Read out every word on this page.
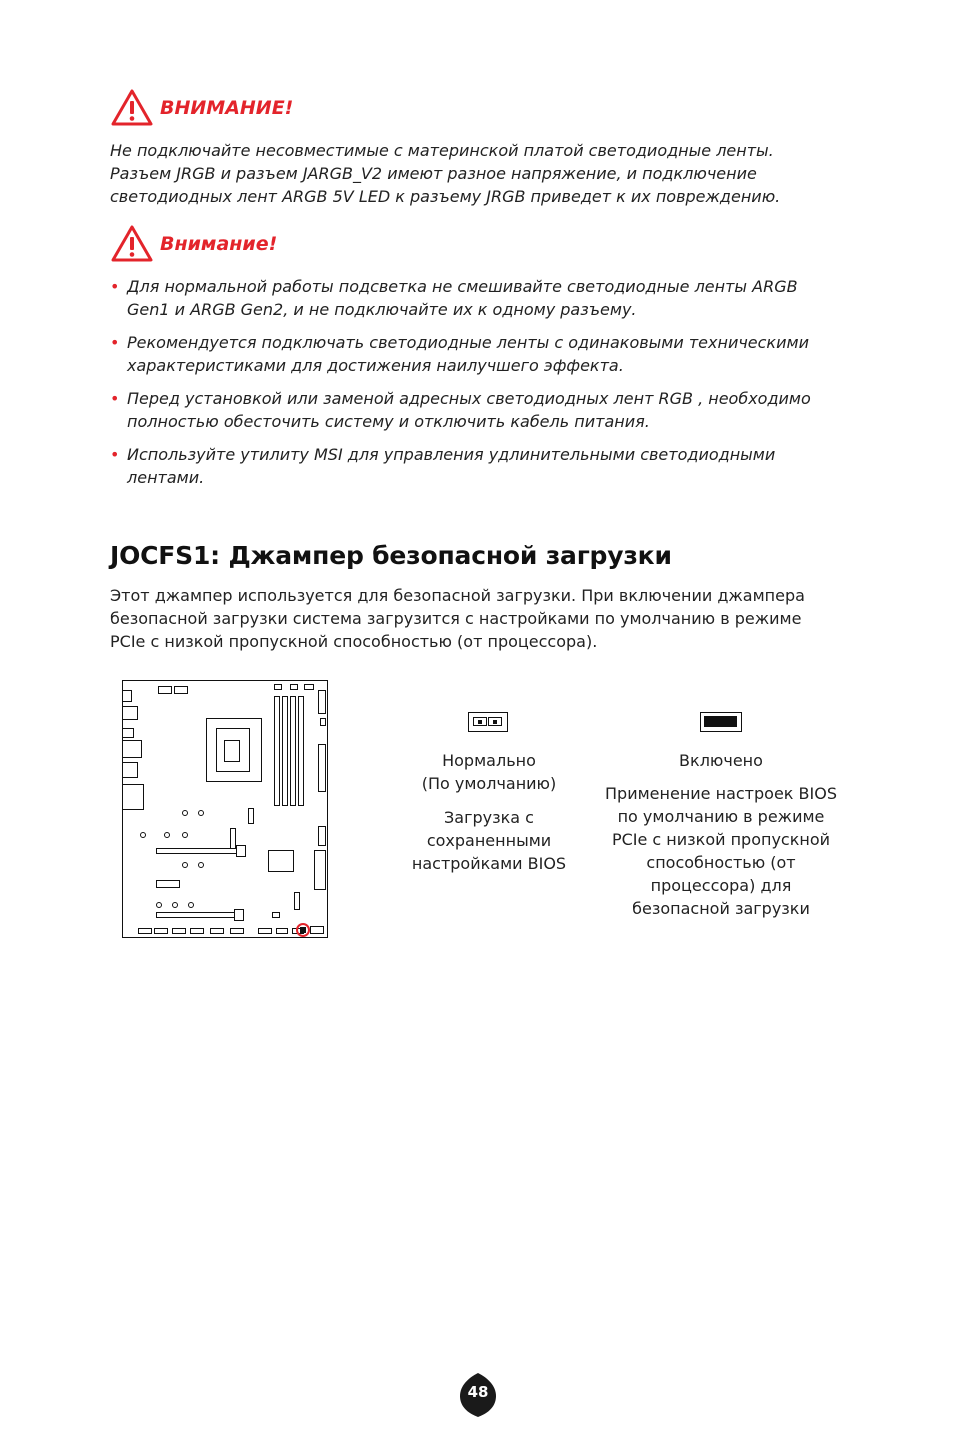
ВНИМАНИЕ!
Не подключайте несовместимые с материнской платой светодиодные ленты. Разъем JRGB и разъем JARGB_V2 имеют разное напряжение, и подключение светодиодных лент ARGB 5V LED к разъему JRGB приведет к их повреждению.
Внимание!
• Для нормальной работы подсветка не смешивайте светодиодные ленты ARGB Gen1 и ARGB Gen2, и не подключайте их к одному разъему.
• Рекомендуется подключать светодиодные ленты с одинаковыми техническими характеристиками для достижения наилучшего эффекта.
• Перед установкой или заменой адресных светодиодных лент RGB , необходимо полностью обесточить систему и отключить кабель питания.
• Используйте утилиту MSI для управления удлинительными светодиодными лентами.
JOCFS1: Джампер безопасной загрузки
Этот джампер используется для безопасной загрузки. При включении джампера безопасной загрузки система загрузится с настройками по умолчанию в режиме PCIe с низкой пропускной способностью (от процессора).
Нормально
(По умолчанию)
Загрузка с сохраненными настройками BIOS
Включено
Применение настроек BIOS по умолчанию в режиме PCIe с низкой пропускной способностью (от процессора) для безопасной загрузки
48
